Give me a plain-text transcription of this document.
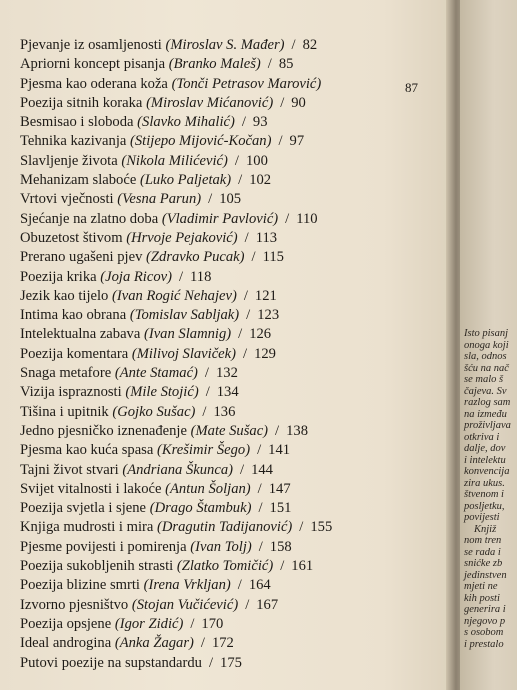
Pjevanje iz osamljenosti (Miroslav S. Mađer) / 82
Apriorni koncept pisanja (Branko Maleš) / 85
Pjesma kao oderana koža (Tonči Petrasov Marović)
Poezija sitnih koraka (Miroslav Mićanović) / 90
Besmisao i sloboda (Slavko Mihalić) / 93
Tehnika kazivanja (Stijepo Mijović-Kočan) / 97
Slavljenje života (Nikola Milićević) / 100
Mehanizam slaboće (Luko Paljetak) / 102
Vrtovi vječnosti (Vesna Parun) / 105
Sjećanje na zlatno doba (Vladimir Pavlović) / 110
Obuzetost štivom (Hrvoje Pejaković) / 113
Prerano ugašeni pjev (Zdravko Pucak) / 115
Poezija krika (Joja Ricov) / 118
Jezik kao tijelo (Ivan Rogić Nehajev) / 121
Intima kao obrana (Tomislav Sabljak) / 123
Intelektualna zabava (Ivan Slamnig) / 126
Poezija komentara (Milivoj Slaviček) / 129
Snaga metafore (Ante Stamać) / 132
Vizija ispraznosti (Mile Stojić) / 134
Tišina i upitnik (Gojko Sušac) / 136
Jedno pjesničko iznenađenje (Mate Sušac) / 138
Pjesma kao kuća spasa (Krešimir Šego) / 141
Tajni život stvari (Andriana Škunca) / 144
Svijet vitalnosti i lakoće (Antun Šoljan) / 147
Poezija svjetla i sjene (Drago Štambuk) / 151
Knjiga mudrosti i mira (Dragutin Tadijanović) / 155
Pjesme povijesti i pomirenja (Ivan Tolj) / 158
Poezija sukobljenih strasti (Zlatko Tomičić) / 161
Poezija blizine smrti (Irena Vrkljan) / 164
Izvorno pjesništvo (Stojan Vučićević) / 167
Poezija opsjene (Igor Zidić) / 170
Ideal androgina (Anka Žagar) / 172
Putovi poezije na supstandardu / 175
87
Isto pisanj
onoga koji
sla, odnos
šću na nač
se malo š
čajeva. Sv
razlog sam
na između
proživljava
otkriva i
dalje, dov
i intelektu
konvencija
zira ukus.
štvenom i
posljetku,
povijesti
Knjiž
nom tren
se rada i
snićke zb
jedinstven
mjeti ne
kih posti
generira i
njegovo p
s osobom
i prestalo
